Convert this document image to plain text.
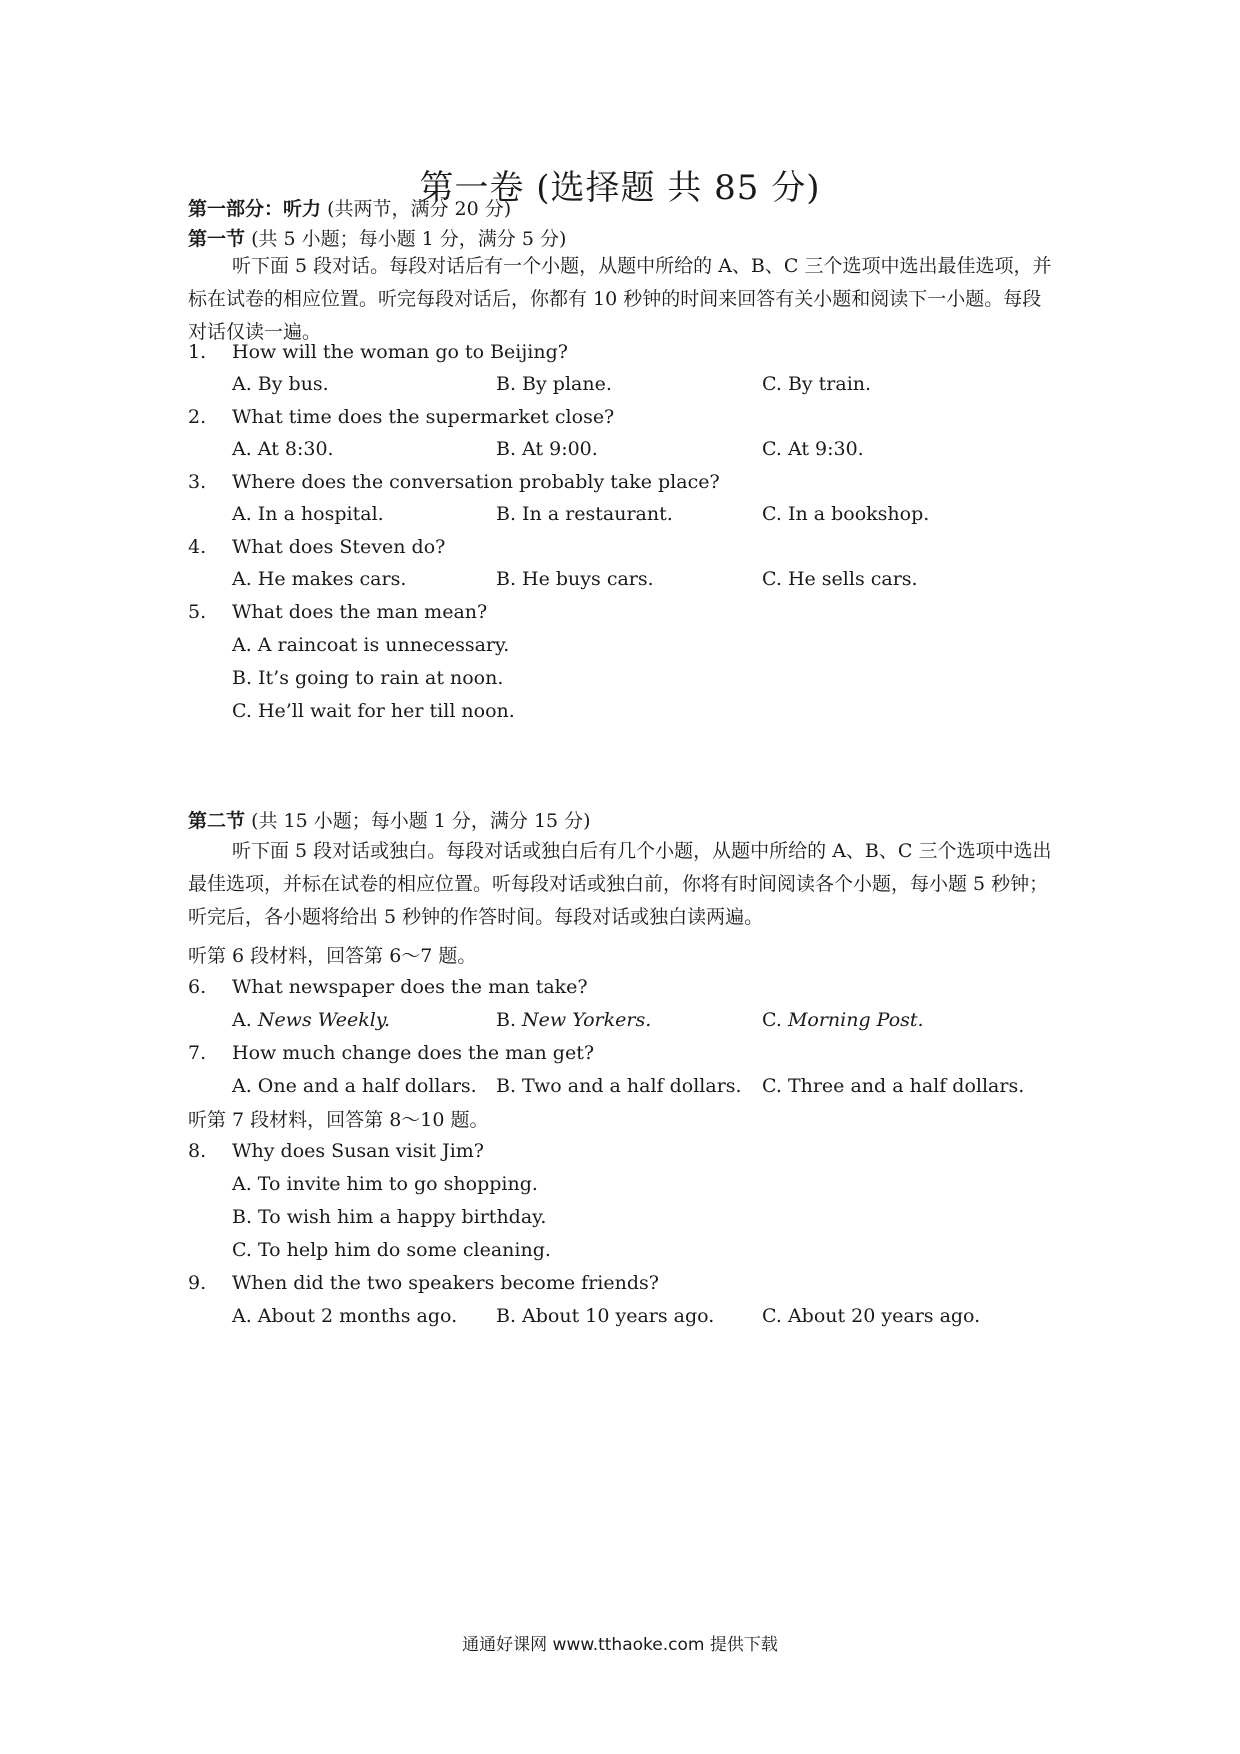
第一卷 (选择题 共 85 分)
第一部分：听力 (共两节，满分 20 分)
第一节 (共 5 小题；每小题 1 分，满分 5 分)
听下面 5 段对话。每段对话后有一个小题，从题中所给的 A、B、C 三个选项中选出最佳选项，并标在试卷的相应位置。听完每段对话后，你都有 10 秒钟的时间来回答有关小题和阅读下一小题。每段对话仅读一遍。
1. How will the woman go to Beijing?
A. By bus.	B. By plane.	C. By train.
2. What time does the supermarket close?
A. At 8:30.	B. At 9:00.	C. At 9:30.
3. Where does the conversation probably take place?
A. In a hospital.	B. In a restaurant.	C. In a bookshop.
4. What does Steven do?
A. He makes cars.	B. He buys cars.	C. He sells cars.
5. What does the man mean?
A. A raincoat is unnecessary.
B. It’s going to rain at noon.
C. He’ll wait for her till noon.
第二节 (共 15 小题；每小题 1 分，满分 15 分)
听下面 5 段对话或独白。每段对话或独白后有几个小题，从题中所给的 A、B、C 三个选项中选出最佳选项，并标在试卷的相应位置。听每段对话或独白前，你将有时间阅读各个小题，每小题 5 秒钟；听完后，各小题将给出 5 秒钟的作答时间。每段对话或独白读两遍。
听第 6 段材料，回答第 6～7 题。
6. What newspaper does the man take?
A. News Weekly.	B. New Yorkers.	C. Morning Post.
7. How much change does the man get?
A. One and a half dollars. B. Two and a half dollars. C. Three and a half dollars.
听第 7 段材料，回答第 8～10 题。
8. Why does Susan visit Jim?
A. To invite him to go shopping.
B. To wish him a happy birthday.
C. To help him do some cleaning.
9. When did the two speakers become friends?
A. About 2 months ago. B. About 10 years ago.	C. About 20 years ago.
通通好课网 www.tthaoke.com 提供下载
